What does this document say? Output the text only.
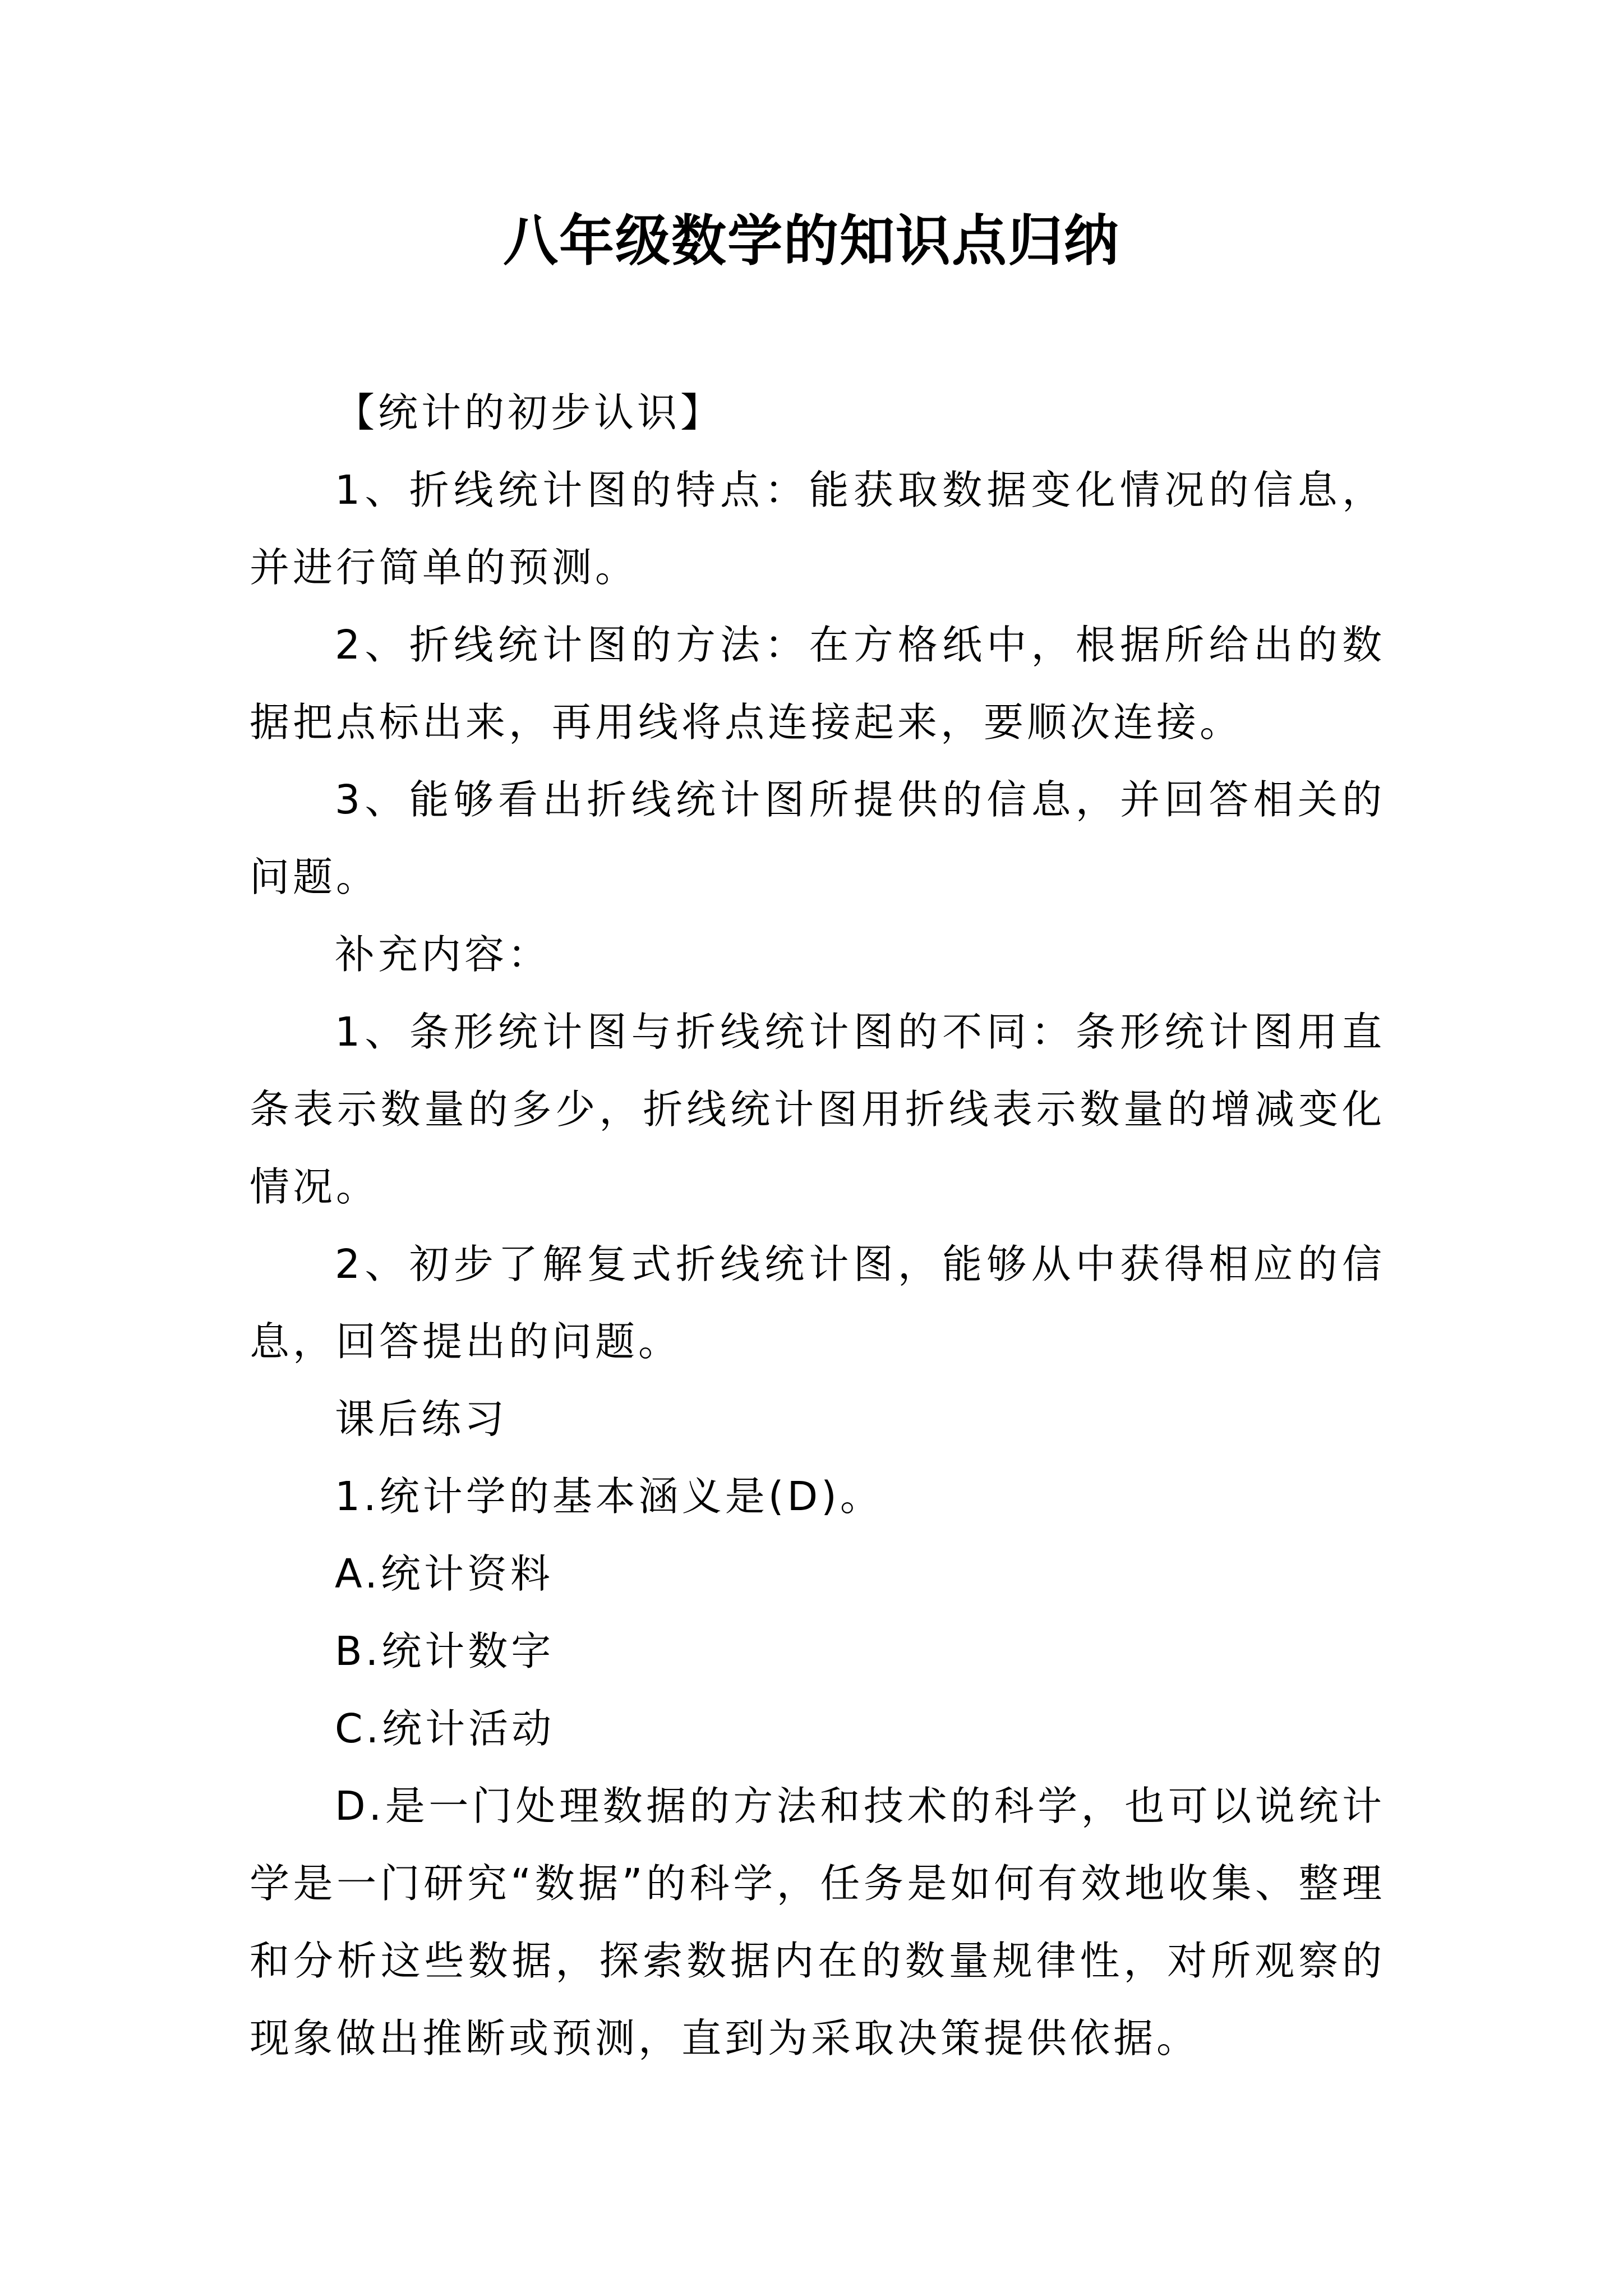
八年级数学的知识点归纳

【统计的初步认识】

1、折线统计图的特点：能获取数据变化情况的信息，并进行简单的预测。

2、折线统计图的方法：在方格纸中，根据所给出的数据把点标出来，再用线将点连接起来，要顺次连接。

3、能够看出折线统计图所提供的信息，并回答相关的问题。

补充内容：

1、条形统计图与折线统计图的不同：条形统计图用直条表示数量的多少，折线统计图用折线表示数量的增减变化情况。

2、初步了解复式折线统计图，能够从中获得相应的信息，回答提出的问题。

课后练习

1.统计学的基本涵义是(D)。

A.统计资料

B.统计数字

C.统计活动

D.是一门处理数据的方法和技术的科学，也可以说统计学是一门研究“数据”的科学，任务是如何有效地收集、整理和分析这些数据，探索数据内在的数量规律性，对所观察的现象做出推断或预测，直到为采取决策提供依据。
